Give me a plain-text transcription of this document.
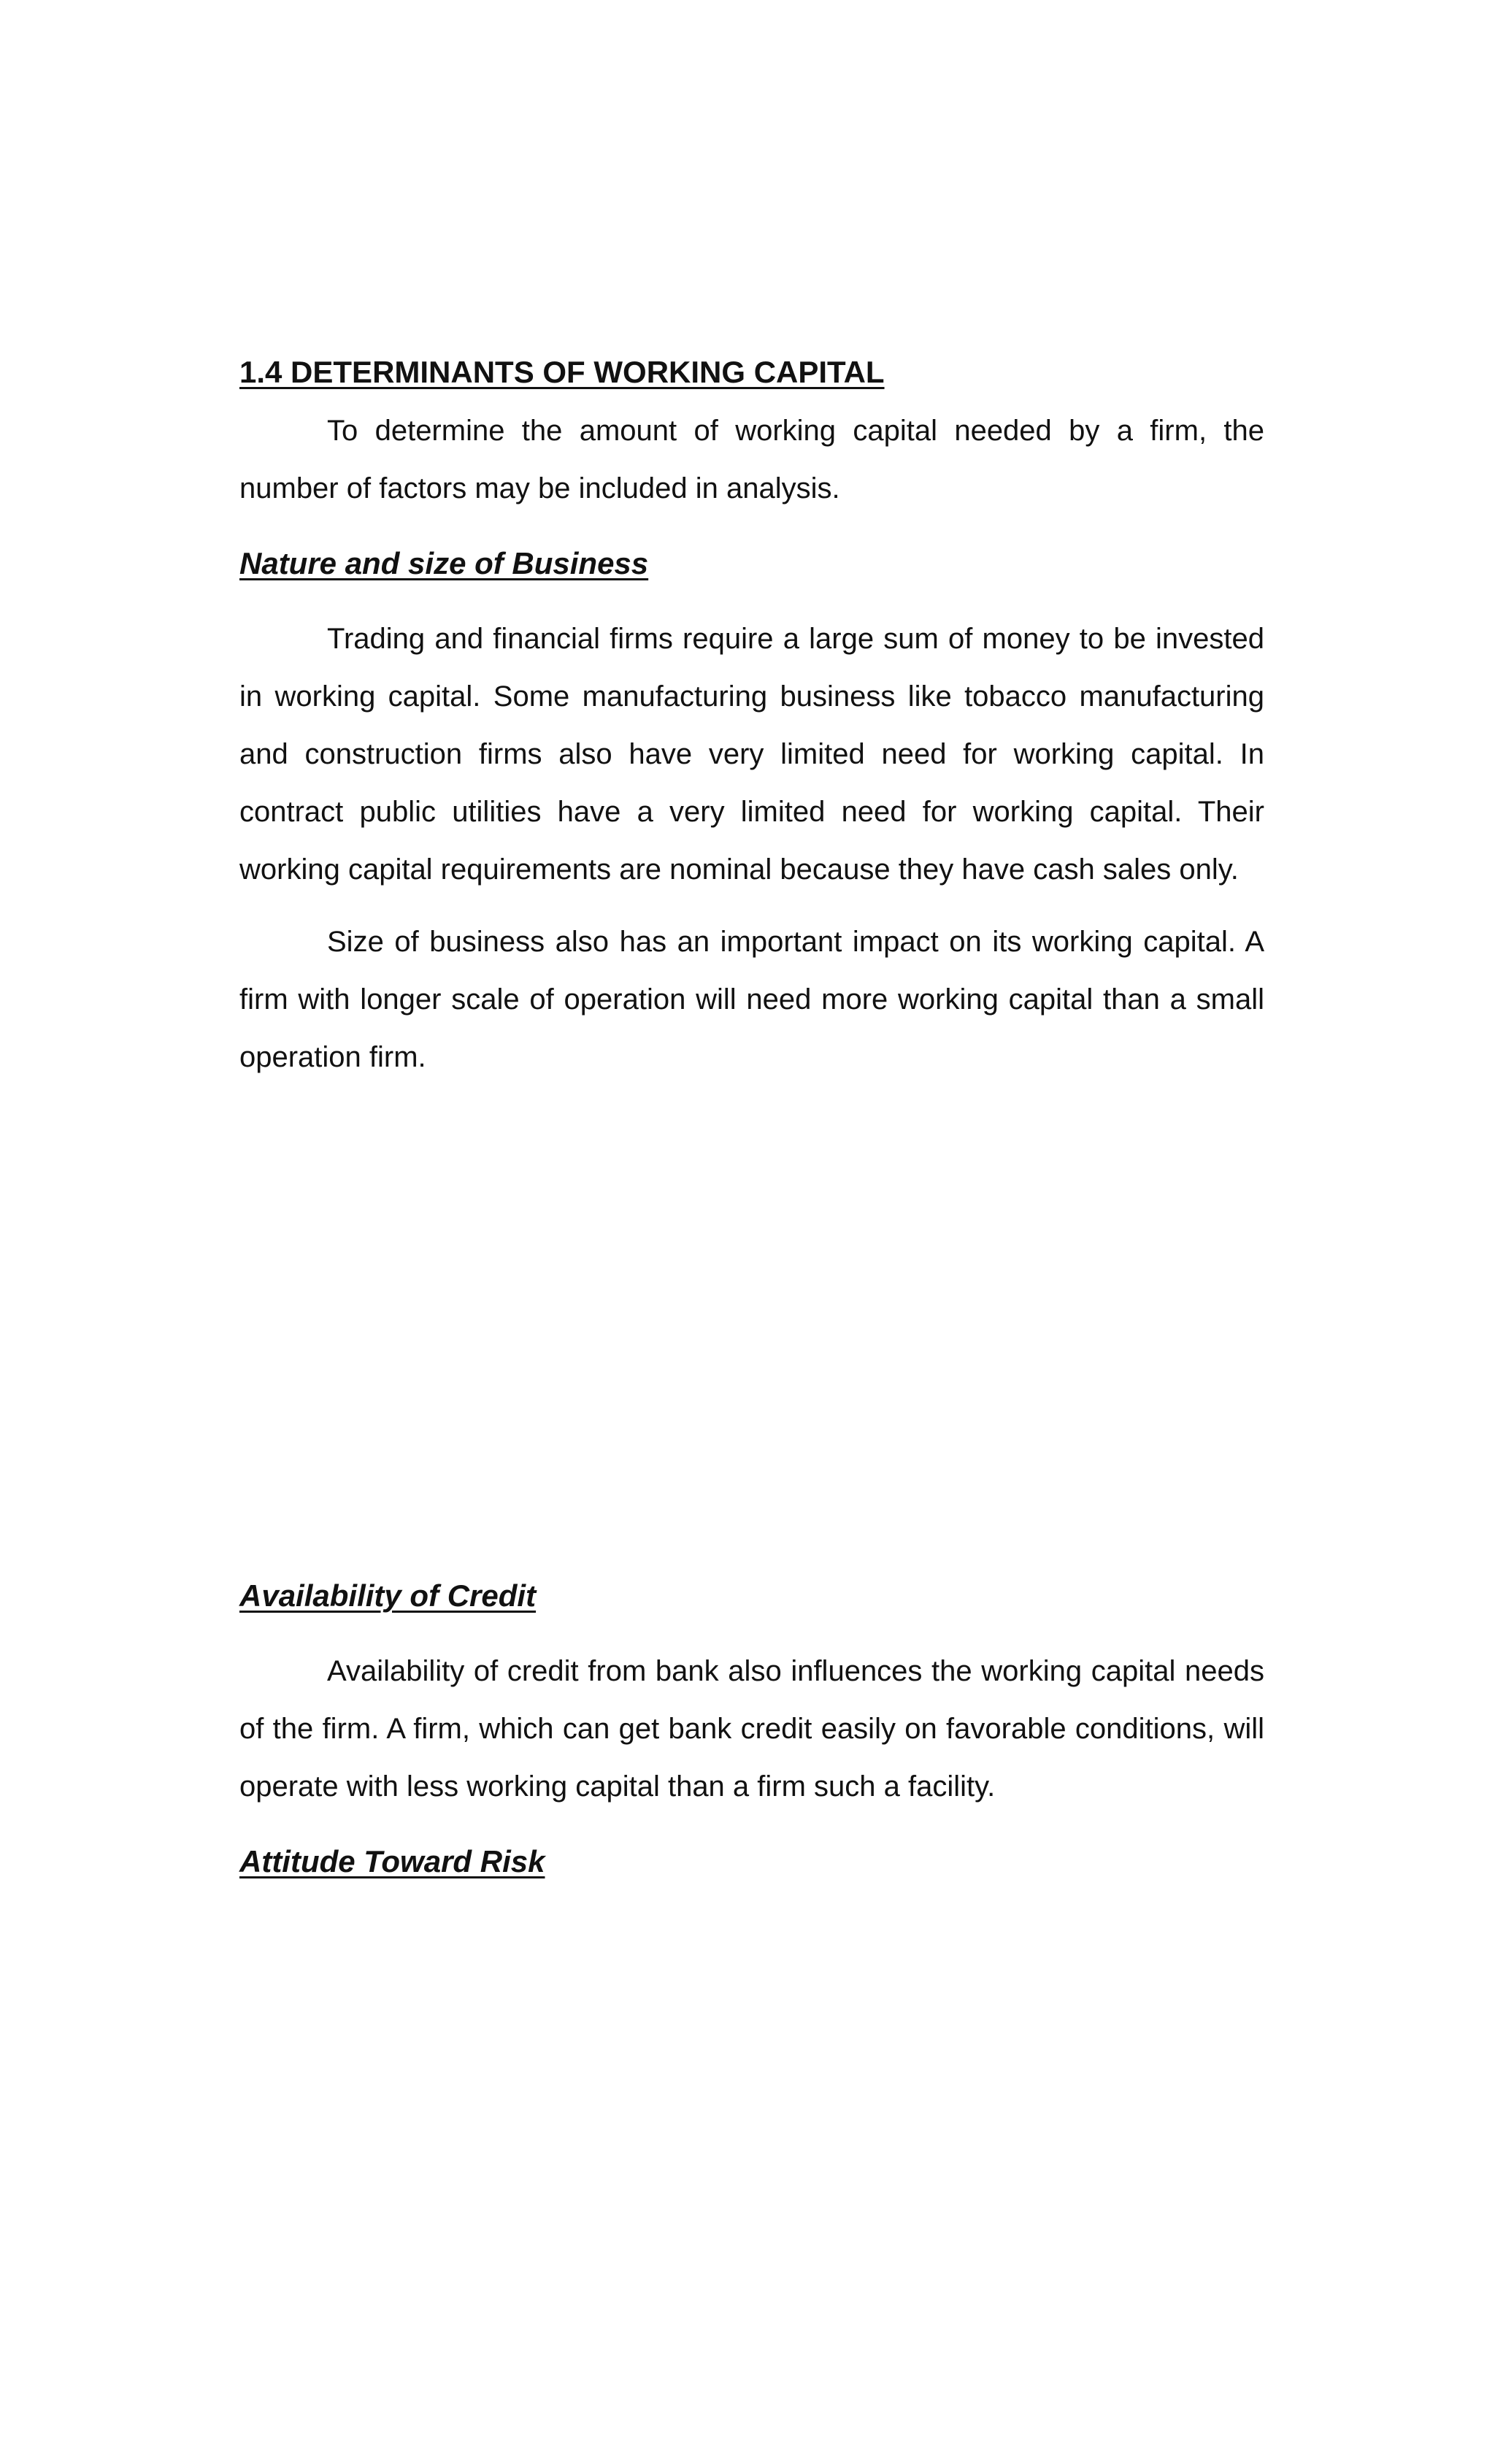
1.4 DETERMINANTS OF WORKING CAPITAL

To determine the amount of working capital needed by a firm, the number of factors may be included in analysis.

Nature and size of Business

Trading and financial firms require a large sum of money to be invested in working capital. Some manufacturing business like tobacco manufacturing and construction firms also have very limited need for working capital. In contract public utilities have a very limited need for working capital. Their working capital requirements are nominal because they have cash sales only.

Size of business also has an important impact on its working capital. A firm with longer scale of operation will need more working capital than a small operation firm.

Availability of Credit

Availability of credit from bank also influences the working capital needs of the firm. A firm, which can get bank credit easily on favorable conditions, will operate with less working capital than a firm such a facility.

Attitude Toward Risk
